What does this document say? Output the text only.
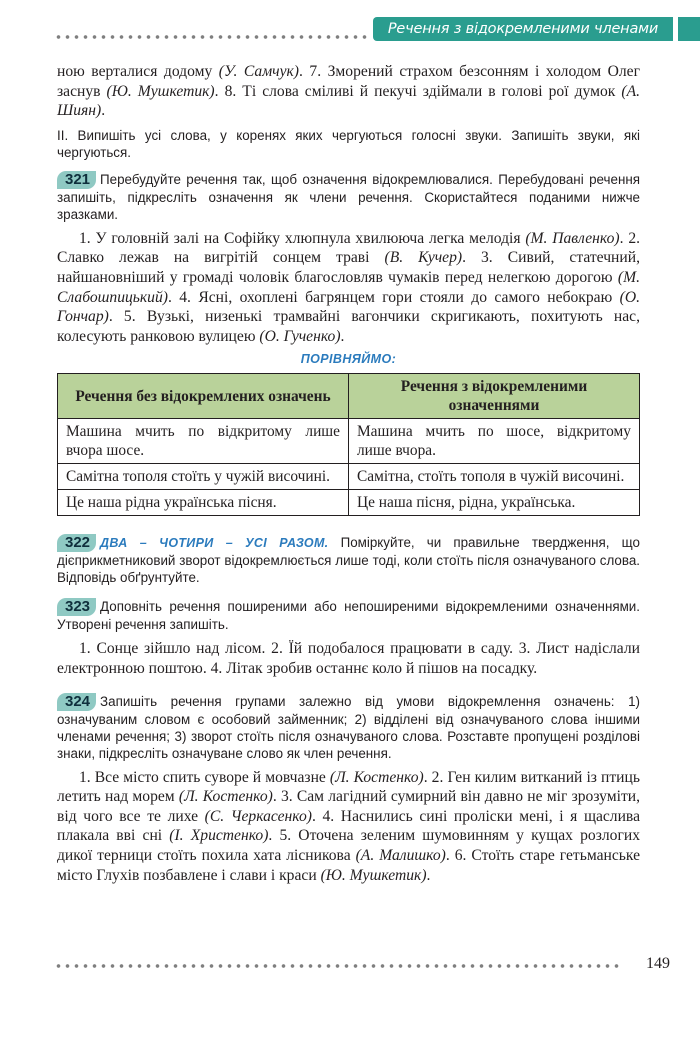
Речення з відокремленими членами

ною верталися додому (У. Самчук). 7. Зморений страхом безсонням і холодом Олег заснув (Ю. Мушкетик). 8. Ті слова сміливі й пекучі здіймали в голові рої думок (А. Шиян).

ІІ. Випишіть усі слова, у коренях яких чергуються голосні звуки. Запишіть звуки, які чергуються.

321 Перебудуйте речення так, щоб означення відокремлювалися. Перебудовані речення запишіть, підкресліть означення як члени речення. Скористайтеся поданими нижче зразками.

1. У головній залі на Софійку хлюпнула хвилююча легка мелодія (М. Павленко). 2. Славко лежав на вигрітій сонцем траві (В. Кучер). 3. Сивий, статечний, найшановніший у громаді чоловік благословляв чумаків перед нелегкою дорогою (М. Слабошпицький). 4. Ясні, охоплені багрянцем гори стояли до самого небокраю (О. Гончар). 5. Вузькі, низенькі трамвайні вагончики скригикають, похитують нас, колесують ранковою вулицею (О. Гученко).

ПОРІВНЯЙМО:
Речення без відокремлених означень	Речення з відокремленими означеннями
Машина мчить по відкритому лише вчора шосе.	Машина мчить по шосе, відкритому лише вчора.
Самітна тополя стоїть у чужій височині.	Самітна, стоїть тополя в чужій височині.
Це наша рідна українська пісня.	Це наша пісня, рідна, українська.

322 ДВА – ЧОТИРИ – УСІ РАЗОМ. Поміркуйте, чи правильне твердження, що дієприкметниковий зворот відокремлюється лише тоді, коли стоїть після означуваного слова. Відповідь обґрунтуйте.

323 Доповніть речення поширеними або непоширеними відокремленими означеннями. Утворені речення запишіть.

1. Сонце зійшло над лісом. 2. Їй подобалося працювати в саду. 3. Лист надіслали електронною поштою. 4. Літак зробив останнє коло й пішов на посадку.

324 Запишіть речення групами залежно від умови відокремлення означень: 1) означуваним словом є особовий займенник; 2) відділені від означуваного слова іншими членами речення; 3) зворот стоїть після означуваного слова. Розставте пропущені розділові знаки, підкресліть означуване слово як член речення.

1. Все місто спить суворе й мовчазне (Л. Костенко). 2. Ген килим витканий із птиць летить над морем (Л. Костенко). 3. Сам лагідний сумирний він давно не міг зрозуміти, від чого все те лихе (С. Черкасенко). 4. Наснились сині пролiски мені, і я щаслива плакала вві сні (І. Христенко). 5. Оточена зеленим шумовинням у кущах розлогих дикої терници стоїть похила хата лісникова (А. Малишко). 6. Стоїть старе гетьманське місто Глухів позбавлене і слави і краси (Ю. Мушкетик).

149
